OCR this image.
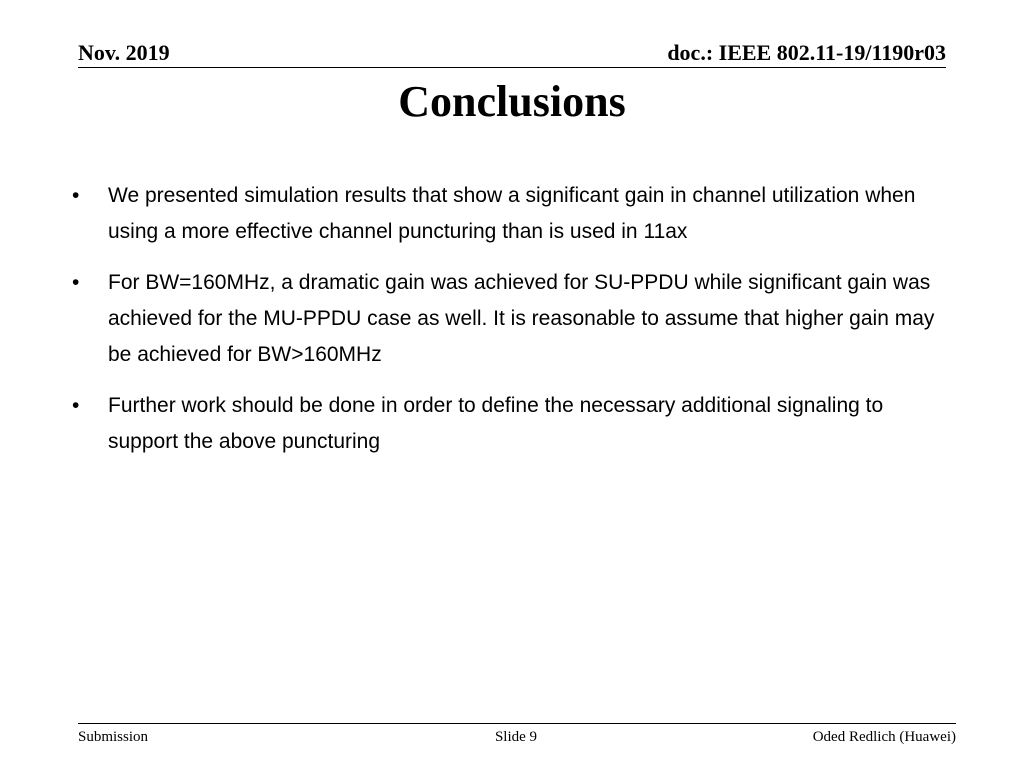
Nov. 2019	doc.: IEEE 802.11-19/1190r03
Conclusions
• We presented simulation results that show a significant gain in channel utilization when using a more effective channel puncturing than is used in 11ax
• For BW=160MHz, a dramatic gain was achieved for SU-PPDU while significant gain was achieved for the MU-PPDU case as well. It is reasonable to assume that higher gain may be achieved for BW>160MHz
• Further work should be done in order to define the necessary additional signaling to support the above puncturing
Submission	Slide 9	Oded Redlich (Huawei)
